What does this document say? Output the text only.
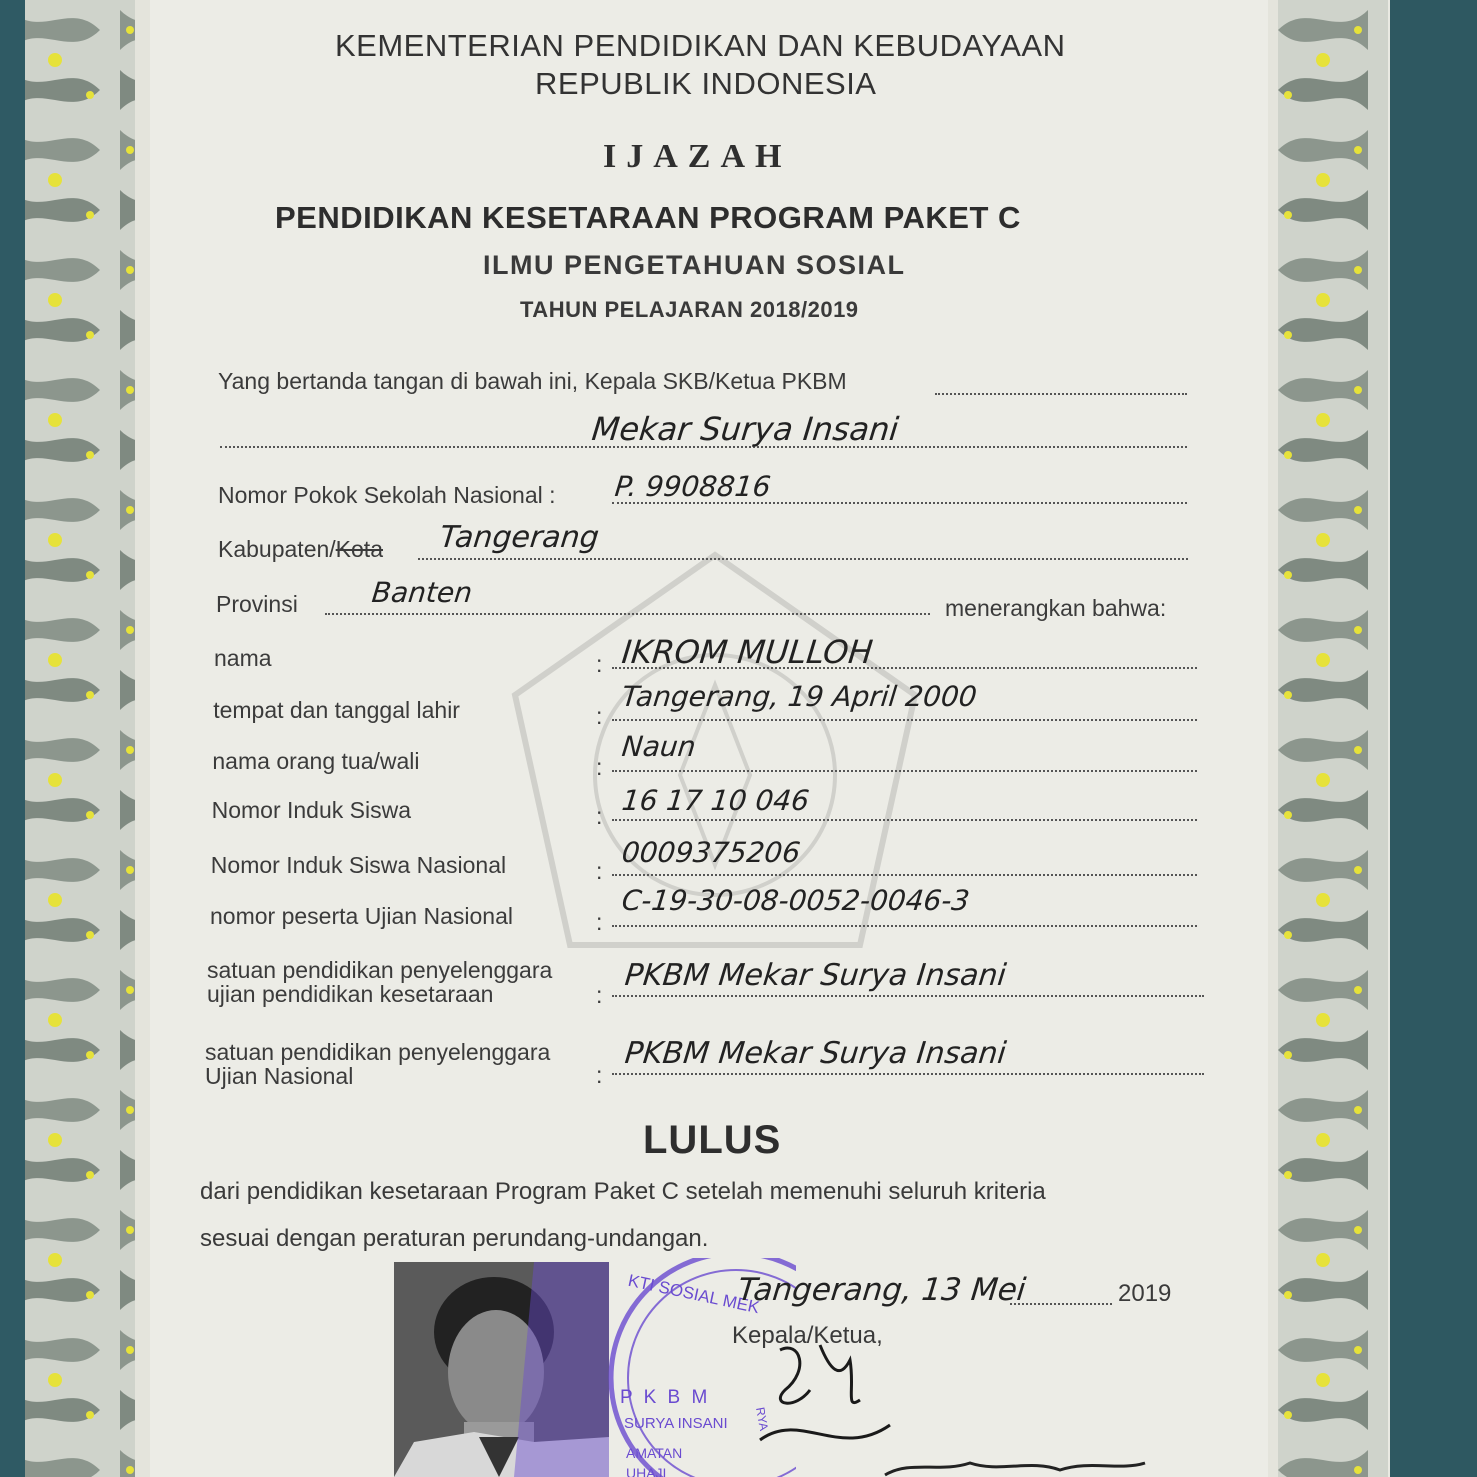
KEMENTERIAN PENDIDIKAN DAN KEBUDAYAAN
REPUBLIK INDONESIA
IJAZAH
PENDIDIKAN KESETARAAN PROGRAM PAKET C
ILMU PENGETAHUAN SOSIAL
TAHUN PELAJARAN 2018/2019
Yang bertanda tangan di bawah ini, Kepala SKB/Ketua PKBM
Mekar Surya Insani
Nomor Pokok Sekolah Nasional : P. 9908816
Kabupaten/Kota Tangerang
Provinsi	Banten	menerangkan bahwa:
nama	: IKROM MULLOH
tempat dan tanggal lahir	:
Tangerang, 19 April 2000
nama orang tua/wali	:
Naun
Nomor Induk Siswa	: 16 17 10 046
Nomor Induk Siswa Nasional	:
0009375206
nomor peserta Ujian Nasional	:
C-19-30-08-0052-0046-3
satuan pendidikan penyelenggara
ujian pendidikan kesetaraan	:
PKBM Mekar Surya Insani
satuan pendidikan penyelenggara
Ujian Nasional	:
PKBM Mekar Surya Insani
LULUS
dari pendidikan kesetaraan Program Paket C setelah memenuhi seluruh kriteria
sesuai dengan peraturan perundang-undangan.
KTI SOSIAL MEK
RYA
P K B M
SURYA INSANI
AMATAN
UHAJI
Tangerang, 13 Mei	2019
Kepala/Ketua,
